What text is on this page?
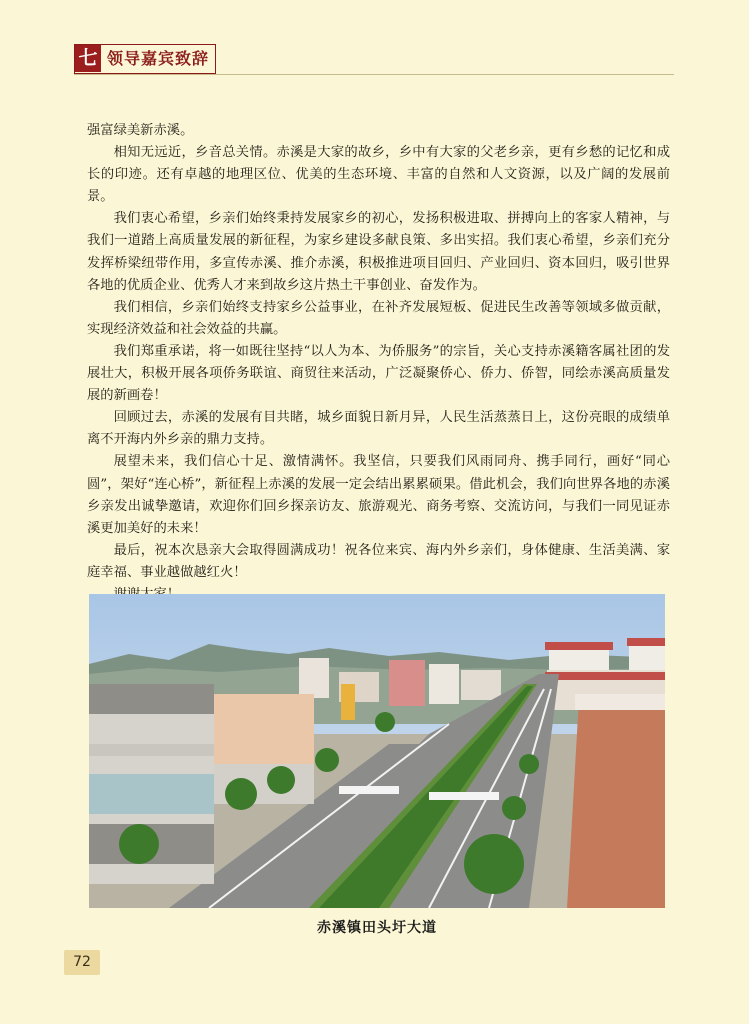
七 领导嘉宾致辞

强富绿美新赤溪。

相知无远近，乡音总关情。赤溪是大家的故乡，乡中有大家的父老乡亲，更有乡愁的记忆和成长的印迹。还有卓越的地理区位、优美的生态环境、丰富的自然和人文资源，以及广阔的发展前景。

我们衷心希望，乡亲们始终秉持发展家乡的初心，发扬积极进取、拼搏向上的客家人精神，与我们一道踏上高质量发展的新征程，为家乡建设多献良策、多出实招。我们衷心希望，乡亲们充分发挥桥梁纽带作用，多宣传赤溪、推介赤溪，积极推进项目回归、产业回归、资本回归，吸引世界各地的优质企业、优秀人才来到故乡这片热土干事创业、奋发作为。

我们相信，乡亲们始终支持家乡公益事业，在补齐发展短板、促进民生改善等领域多做贡献，实现经济效益和社会效益的共赢。

我们郑重承诺，将一如既往坚持“以人为本、为侨服务”的宗旨，关心支持赤溪籍客属社团的发展壮大，积极开展各项侨务联谊、商贸往来活动，广泛凝聚侨心、侨力、侨智，同绘赤溪高质量发展的新画卷！

回顾过去，赤溪的发展有目共睹，城乡面貌日新月异，人民生活蒸蒸日上，这份亮眼的成绩单离不开海内外乡亲的鼎力支持。

展望未来，我们信心十足、激情满怀。我坚信，只要我们风雨同舟、携手同行，画好“同心圆”，架好“连心桥”，新征程上赤溪的发展一定会结出累累硕果。借此机会，我们向世界各地的赤溪乡亲发出诚挚邀请，欢迎你们回乡探亲访友、旅游观光、商务考察、交流访问，与我们一同见证赤溪更加美好的未来！

最后，祝本次恳亲大会取得圆满成功！祝各位来宾、海内外乡亲们，身体健康、生活美满、家庭幸福、事业越做越红火！

赤溪镇田头圩大道
72
